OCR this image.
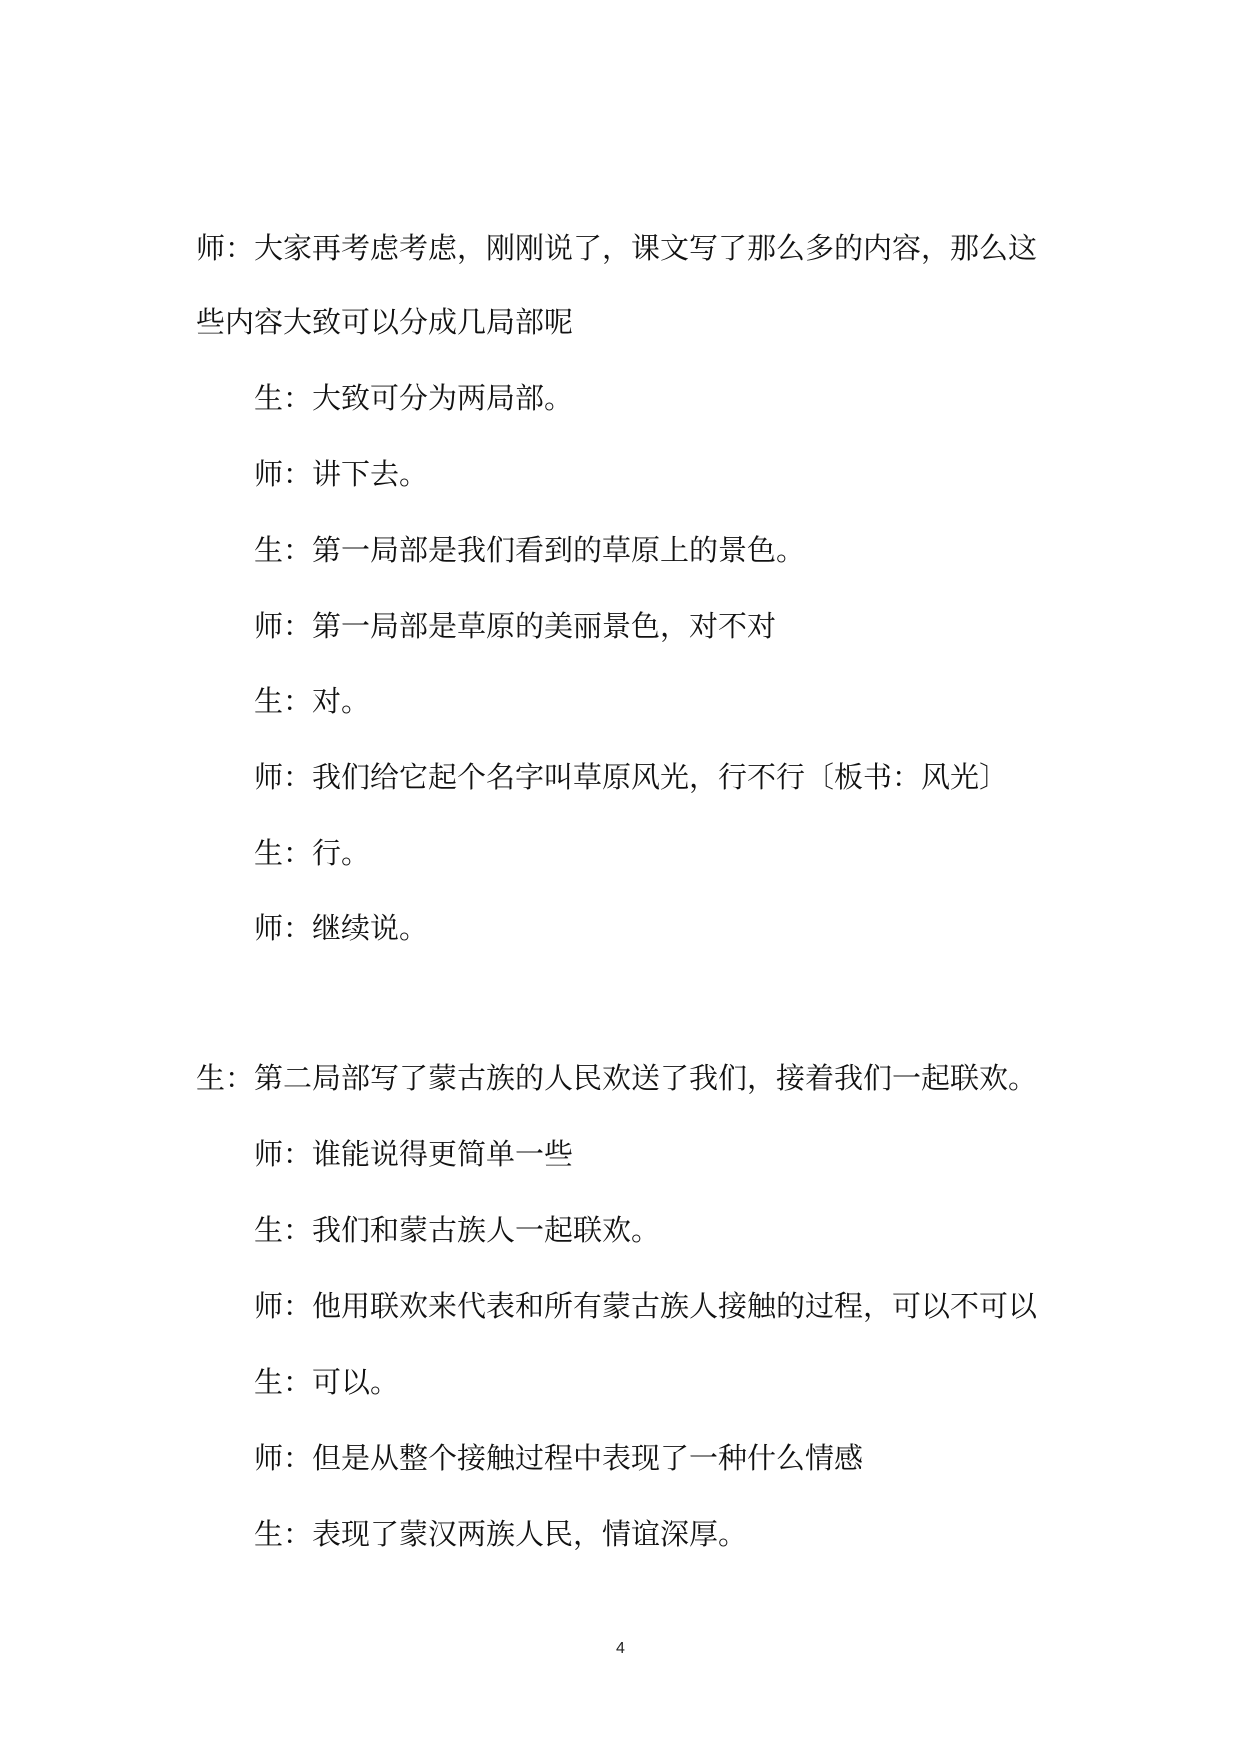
师：大家再考虑考虑，刚刚说了，课文写了那么多的内容，那么这
些内容大致可以分成几局部呢
生：大致可分为两局部。
师：讲下去。
生：第一局部是我们看到的草原上的景色。
师：第一局部是草原的美丽景色，对不对
生：对。
师：我们给它起个名字叫草原风光，行不行〔板书：风光〕
生：行。
师：继续说。
生：第二局部写了蒙古族的人民欢送了我们，接着我们一起联欢。
师：谁能说得更简单一些
生：我们和蒙古族人一起联欢。
师：他用联欢来代表和所有蒙古族人接触的过程，可以不可以
生：可以。
师：但是从整个接触过程中表现了一种什么情感
生：表现了蒙汉两族人民，情谊深厚。
4
